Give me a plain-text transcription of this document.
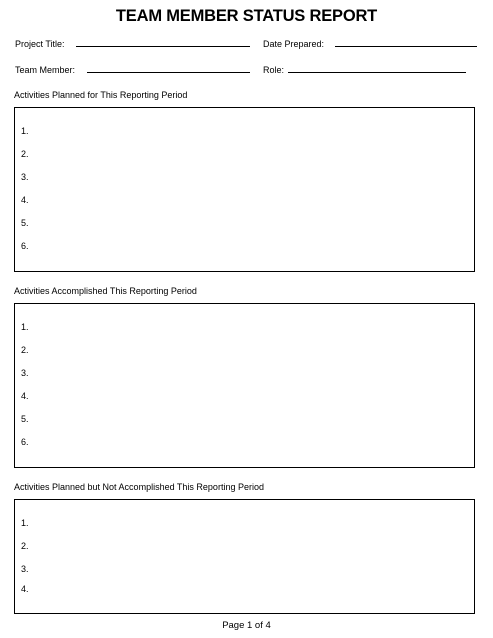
TEAM MEMBER STATUS REPORT
Project Title:	Date Prepared:
Team Member:	Role:
Activities Planned for This Reporting Period
1.
2.
3.
4.
5.
6.
Activities Accomplished This Reporting Period
1.
2.
3.
4.
5.
6.
Activities Planned but Not Accomplished This Reporting Period
1.
2.
3.
4.
Page 1 of 4
